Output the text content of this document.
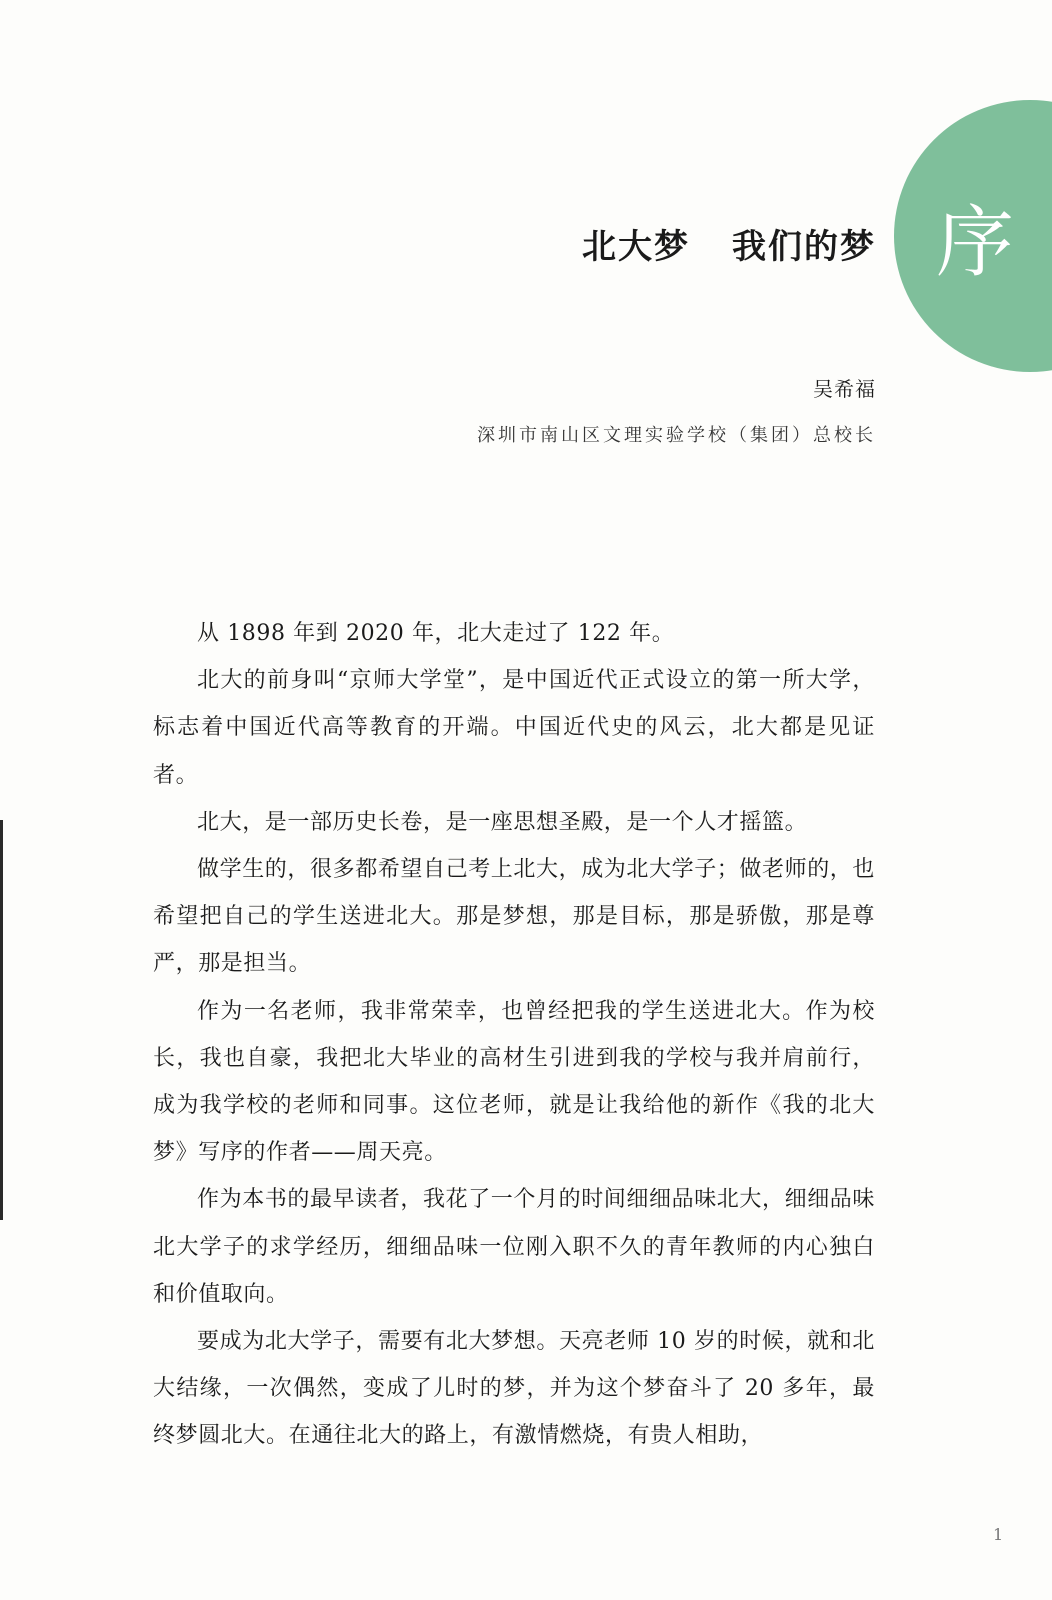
序
北大梦 我们的梦
吴希福
深圳市南山区文理实验学校（集团）总校长

从 1898 年到 2020 年，北大走过了 122 年。

北大的前身叫“京师大学堂”，是中国近代正式设立的第一所大学，标志着中国近代高等教育的开端。中国近代史的风云，北大都是见证者。

北大，是一部历史长卷，是一座思想圣殿，是一个人才摇篮。

做学生的，很多都希望自己考上北大，成为北大学子；做老师的，也希望把自己的学生送进北大。那是梦想，那是目标，那是骄傲，那是尊严，那是担当。

作为一名老师，我非常荣幸，也曾经把我的学生送进北大。作为校长，我也自豪，我把北大毕业的高材生引进到我的学校与我并肩前行，成为我学校的老师和同事。这位老师，就是让我给他的新作《我的北大梦》写序的作者——周天亮。

作为本书的最早读者，我花了一个月的时间细细品味北大，细细品味北大学子的求学经历，细细品味一位刚入职不久的青年教师的内心独白和价值取向。

要成为北大学子，需要有北大梦想。天亮老师 10 岁的时候，就和北大结缘，一次偶然，变成了儿时的梦，并为这个梦奋斗了 20 多年，最终梦圆北大。在通往北大的路上，有激情燃烧，有贵人相助，

1
